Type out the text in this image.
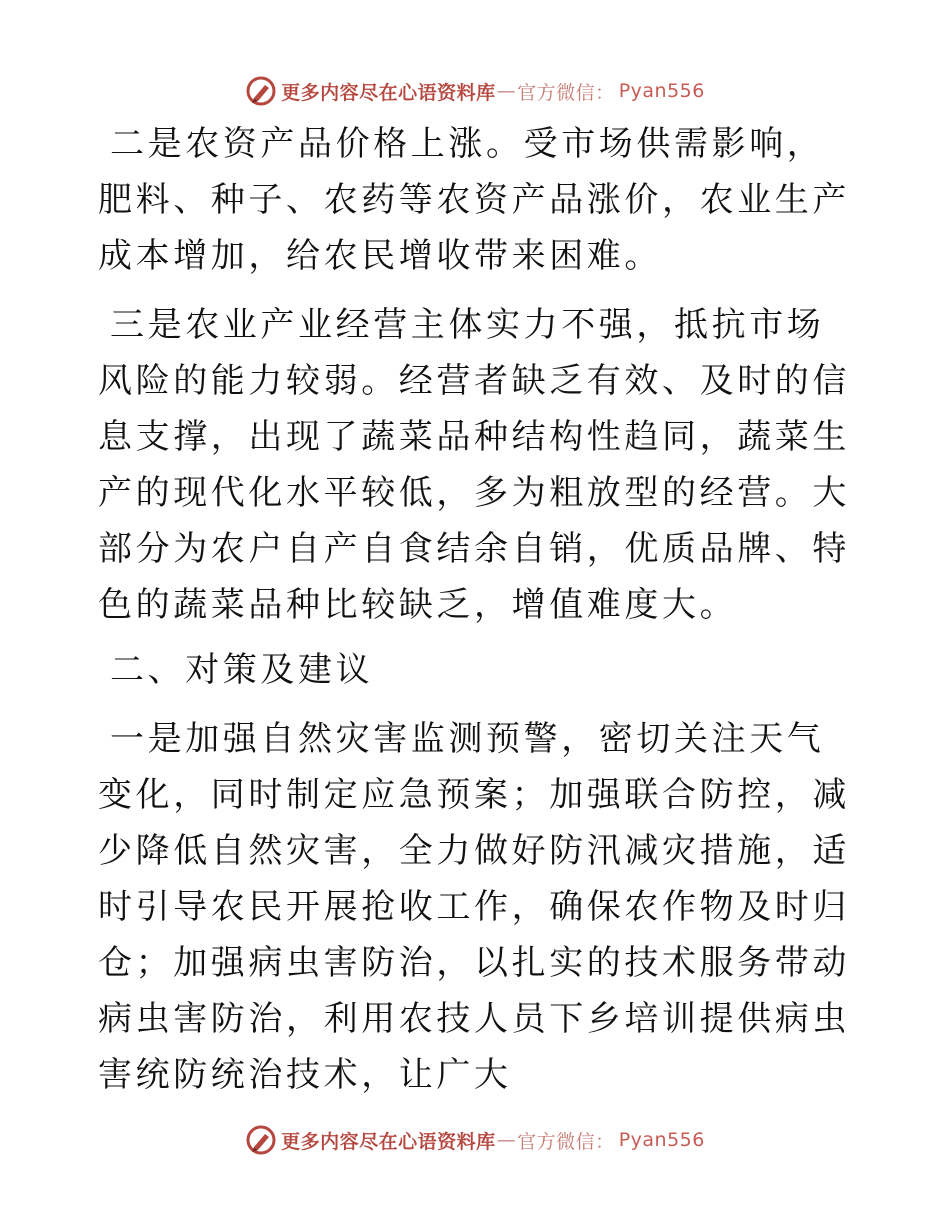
更多内容尽在心语资料库 — 官方微信 ： Pyan556

二是农资产品价格上涨。受市场供需影响，肥料、种子、农药等农资产品涨价，农业生产成本增加，给农民增收带来困难。

三是农业产业经营主体实力不强，抵抗市场风险的能力较弱。经营者缺乏有效、及时的信息支撑，出现了蔬菜品种结构性趋同，蔬菜生产的现代化水平较低，多为粗放型的经营。大部分为农户自产自食结余自销，优质品牌、特色的蔬菜品种比较缺乏，增值难度大。

二、对策及建议

一是加强自然灾害监测预警，密切关注天气变化，同时制定应急预案；加强联合防控，减少降低自然灾害，全力做好防汛减灾措施，适时引导农民开展抢收工作，确保农作物及时归仓；加强病虫害防治，以扎实的技术服务带动病虫害防治，利用农技人员下乡培训提供病虫害统防统治技术，让广大

更多内容尽在心语资料库 — 官方微信 ： Pyan556
